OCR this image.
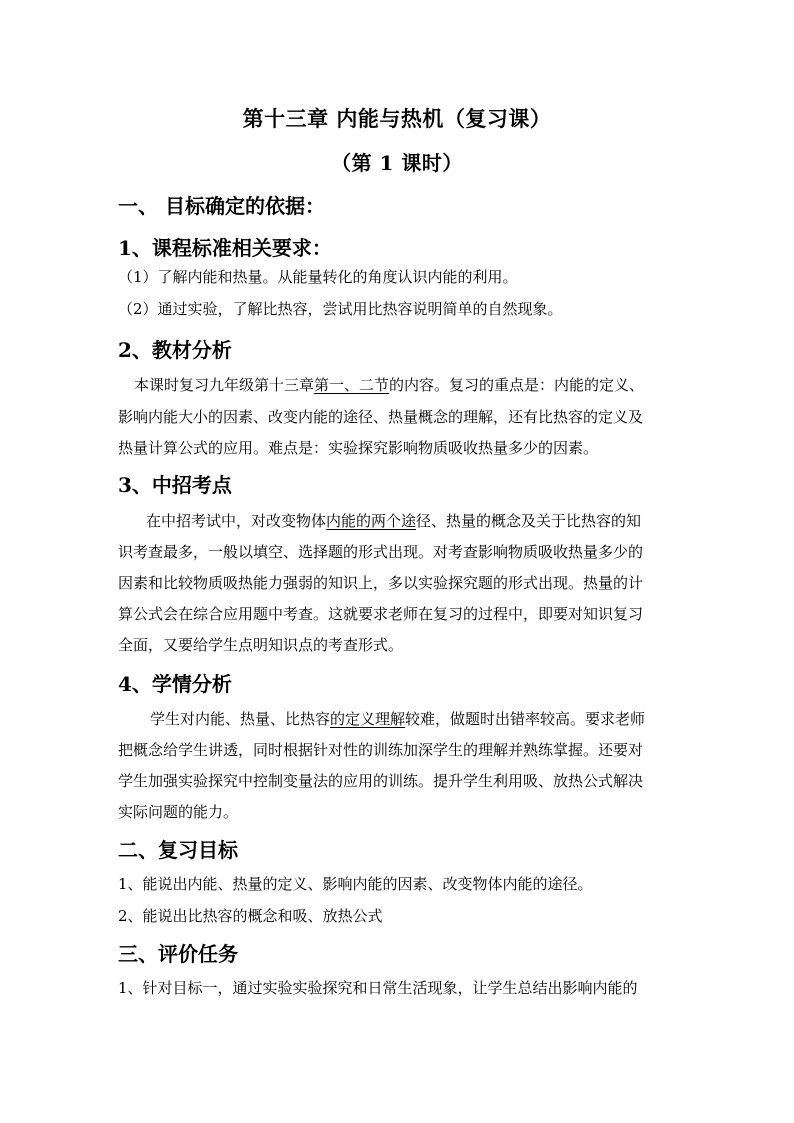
第十三章 内能与热机（复习课）
（第 1 课时）
一、 目标确定的依据：
1、课程标准相关要求：
（1）了解内能和热量。从能量转化的角度认识内能的利用。
（2）通过实验，了解比热容，尝试用比热容说明简单的自然现象。
2、教材分析
本课时复习九年级第十三章第一、二节的内容。复习的重点是：内能的定义、
影响内能大小的因素、改变内能的途径、热量概念的理解，还有比热容的定义及
热量计算公式的应用。难点是：实验探究影响物质吸收热量多少的因素。
3、中招考点
在中招考试中，对改变物体内能的两个途径、热量的概念及关于比热容的知
识考查最多，一般以填空、选择题的形式出现。对考查影响物质吸收热量多少的
因素和比较物质吸热能力强弱的知识上，多以实验探究题的形式出现。热量的计
算公式会在综合应用题中考查。这就要求老师在复习的过程中，即要对知识复习
全面，又要给学生点明知识点的考查形式。
4、学情分析
学生对内能、热量、比热容的定义理解较难，做题时出错率较高。要求老师
把概念给学生讲透，同时根据针对性的训练加深学生的理解并熟练掌握。还要对
学生加强实验探究中控制变量法的应用的训练。提升学生利用吸、放热公式解决
实际问题的能力。
二、复习目标
1、能说出内能、热量的定义、影响内能的因素、改变物体内能的途径。
2、能说出比热容的概念和吸、放热公式
三、评价任务
1、针对目标一，通过实验实验探究和日常生活现象，让学生总结出影响内能的
